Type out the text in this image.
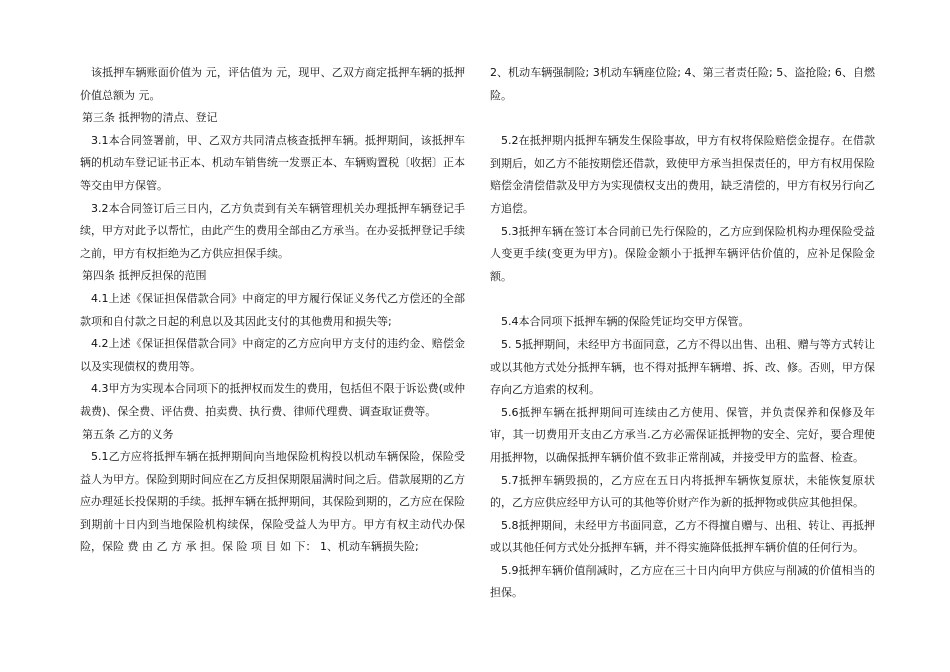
该抵押车辆账面价值为 元，评估值为 元，现甲、乙双方商定抵押车辆的抵押价值总额为 元。

第三条 抵押物的清点、登记

3.1本合同签署前，甲、乙双方共同清点核查抵押车辆。抵押期间，该抵押车辆的机动车登记证书正本、机动车销售统一发票正本、车辆购置税〔收据〕正本等交由甲方保管。

3.2本合同签订后三日内，乙方负责到有关车辆管理机关办理抵押车辆登记手续，甲方对此予以帮忙，由此产生的费用全部由乙方承当。在办妥抵押登记手续之前，甲方有权拒绝为乙方供应担保手续。

第四条 抵押反担保的范围

4.1上述《保证担保借款合同》中商定的甲方履行保证义务代乙方偿还的全部款项和自付款之日起的利息以及其因此支付的其他费用和损失等;

4.2上述《保证担保借款合同》中商定的乙方应向甲方支付的违约金、赔偿金以及实现债权的费用等。

4.3甲方为实现本合同项下的抵押权而发生的费用，包括但不限于诉讼费(或仲裁费)、保全费、评估费、拍卖费、执行费、律师代理费、调查取证费等。

第五条 乙方的义务

5.1乙方应将抵押车辆在抵押期间向当地保险机构投以机动车辆保险，保险受益人为甲方。保险到期时间应在乙方反担保期限届满时间之后。借款展期的乙方应办理延长投保期的手续。抵押车辆在抵押期间，其保险到期的，乙方应在保险到期前十日内到当地保险机构续保，保险受益人为甲方。甲方有权主动代办保险，保险 费 由 乙 方 承 担。保 险 项 目 如 下： 1、机动车辆损失险;

2、机动车辆强制险; 3机动车辆座位险; 4、第三者责任险; 5、盗抢险; 6、自燃险。

5.2在抵押期内抵押车辆发生保险事故，甲方有权将保险赔偿金提存。在借款到期后，如乙方不能按期偿还借款，致使甲方承当担保责任的，甲方有权用保险赔偿金清偿借款及甲方为实现债权支出的费用，缺乏清偿的，甲方有权另行向乙方追偿。

5.3抵押车辆在签订本合同前已先行保险的，乙方应到保险机构办理保险受益人变更手续(变更为甲方)。保险金额小于抵押车辆评估价值的，应补足保险金额。

5.4本合同项下抵押车辆的保险凭证均交甲方保管。

5. 5抵押期间，未经甲方书面同意，乙方不得以出售、出租、赠与等方式转让或以其他方式处分抵押车辆，也不得对抵押车辆增、拆、改、修。否则，甲方保存向乙方追索的权利。

5.6抵押车辆在抵押期间可连续由乙方使用、保管，并负责保养和保修及年审，其一切费用开支由乙方承当.乙方必需保证抵押物的安全、完好，要合理使用抵押物，以确保抵押车辆价值不致非正常削减，并接受甲方的监督、检查。

5.7抵押车辆毁损的，乙方应在五日内将抵押车辆恢复原状，未能恢复原状的，乙方应供应经甲方认可的其他等价财产作为新的抵押物或供应其他担保。

5.8抵押期间，未经甲方书面同意，乙方不得擅自赠与、出租、转让、再抵押或以其他任何方式处分抵押车辆，并不得实施降低抵押车辆价值的任何行为。

5.9抵押车辆价值削减时，乙方应在三十日内向甲方供应与削减的价值相当的担保。
